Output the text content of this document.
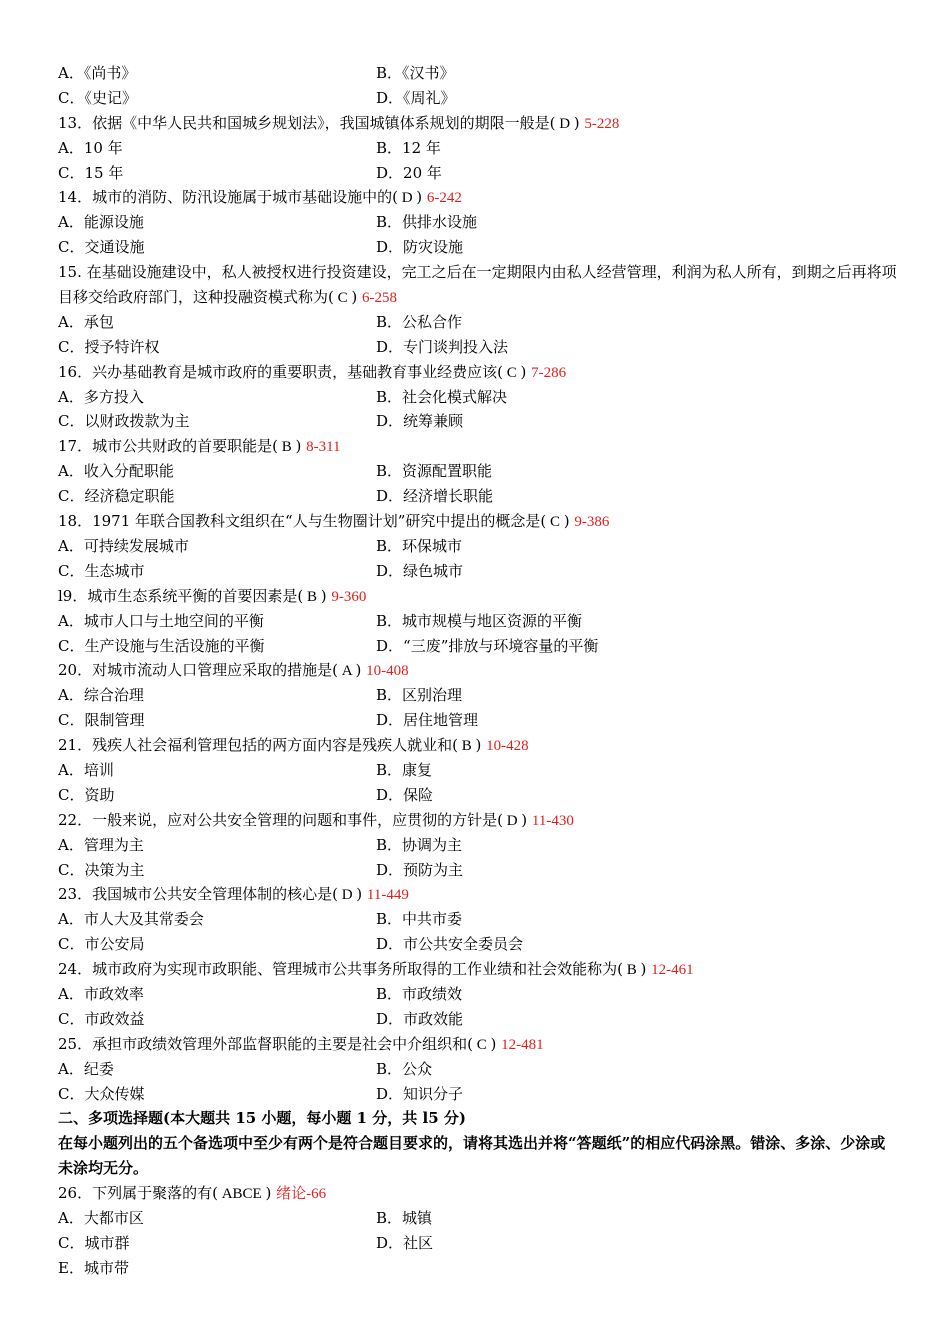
A．《尚书》	B．《汉书》
C．《史记》	D．《周礼》
13．依据《中华人民共和国城乡规划法》，我国城镇体系规划的期限一般是( D ) 5-228
A．10 年	B．12 年
C．15 年	D．20 年
14．城市的消防、防汛设施属于城市基础设施中的( D ) 6-242
A．能源设施	B．供排水设施
C．交通设施	D．防灾设施
15. 在基础设施建设中，私人被授权进行投资建设，完工之后在一定期限内由私人经营管理，利润为私人所有，到期之后再将项目移交给政府部门，这种投融资模式称为( C ) 6-258
A．承包	B．公私合作
C．授予特许权	D．专门谈判投入法
16．兴办基础教育是城市政府的重要职责，基础教育事业经费应该( C ) 7-286
A．多方投入	B．社会化模式解决
C．以财政拨款为主	D．统筹兼顾
17．城市公共财政的首要职能是( B ) 8-311
A．收入分配职能	B．资源配置职能
C．经济稳定职能	D．经济增长职能
18．1971 年联合国教科文组织在“人与生物圈计划”研究中提出的概念是( C ) 9-386
A．可持续发展城市	B．环保城市
C．生态城市	D．绿色城市
l9．城市生态系统平衡的首要因素是( B ) 9-360
A．城市人口与土地空间的平衡	B．城市规模与地区资源的平衡
C．生产设施与生活设施的平衡	D．“三废”排放与环境容量的平衡
20．对城市流动人口管理应采取的措施是( A ) 10-408
A．综合治理	B．区别治理
C．限制管理	D．居住地管理
21．残疾人社会福利管理包括的两方面内容是残疾人就业和( B ) 10-428
A．培训	B．康复
C．资助	D．保险
22．一般来说，应对公共安全管理的问题和事件，应贯彻的方针是( D ) 11-430
A．管理为主	B．协调为主
C．决策为主	D．预防为主
23．我国城市公共安全管理体制的核心是( D ) 11-449
A．市人大及其常委会	B．中共市委
C．市公安局	D．市公共安全委员会
24．城市政府为实现市政职能、管理城市公共事务所取得的工作业绩和社会效能称为( B ) 12-461
A．市政效率	B．市政绩效
C．市政效益	D．市政效能
25．承担市政绩效管理外部监督职能的主要是社会中介组织和( C ) 12-481
A．纪委	B．公众
C．大众传媒	D．知识分子
二、多项选择题(本大题共 15 小题，每小题 1 分，共 l5 分)
在每小题列出的五个备选项中至少有两个是符合题目要求的，请将其选出并将“答题纸”的相应代码涂黑。错涂、多涂、少涂或未涂均无分。
26．下列属于聚落的有( ABCE ) 绪论-66
A．大都市区	B．城镇
C．城市群	D．社区
E．城市带
